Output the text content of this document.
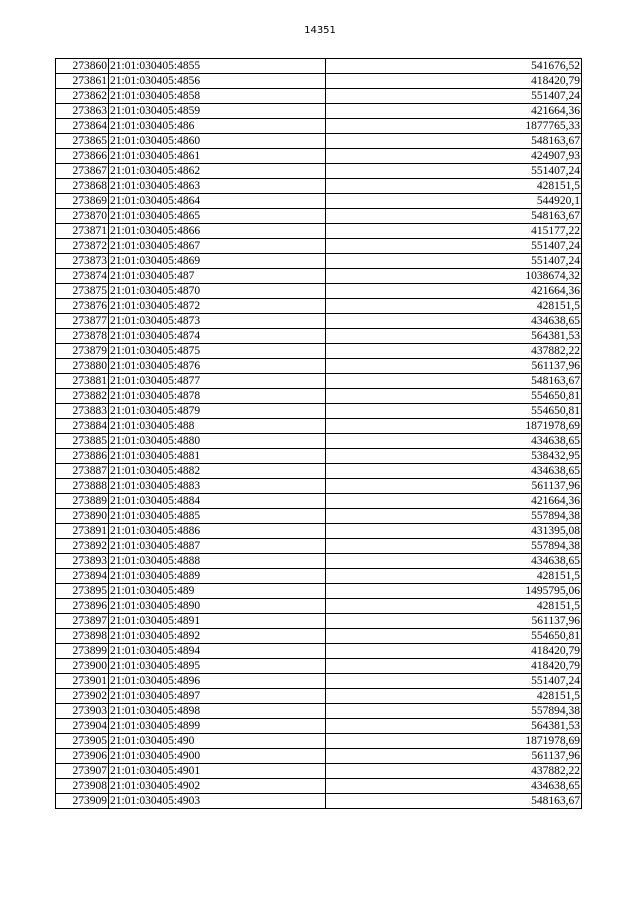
14351
273860	21:01:030405:4855	541676,52
273861	21:01:030405:4856	418420,79
273862	21:01:030405:4858	551407,24
273863	21:01:030405:4859	421664,36
273864	21:01:030405:486	1877765,33
273865	21:01:030405:4860	548163,67
273866	21:01:030405:4861	424907,93
273867	21:01:030405:4862	551407,24
273868	21:01:030405:4863	428151,5
273869	21:01:030405:4864	544920,1
273870	21:01:030405:4865	548163,67
273871	21:01:030405:4866	415177,22
273872	21:01:030405:4867	551407,24
273873	21:01:030405:4869	551407,24
273874	21:01:030405:487	1038674,32
273875	21:01:030405:4870	421664,36
273876	21:01:030405:4872	428151,5
273877	21:01:030405:4873	434638,65
273878	21:01:030405:4874	564381,53
273879	21:01:030405:4875	437882,22
273880	21:01:030405:4876	561137,96
273881	21:01:030405:4877	548163,67
273882	21:01:030405:4878	554650,81
273883	21:01:030405:4879	554650,81
273884	21:01:030405:488	1871978,69
273885	21:01:030405:4880	434638,65
273886	21:01:030405:4881	538432,95
273887	21:01:030405:4882	434638,65
273888	21:01:030405:4883	561137,96
273889	21:01:030405:4884	421664,36
273890	21:01:030405:4885	557894,38
273891	21:01:030405:4886	431395,08
273892	21:01:030405:4887	557894,38
273893	21:01:030405:4888	434638,65
273894	21:01:030405:4889	428151,5
273895	21:01:030405:489	1495795,06
273896	21:01:030405:4890	428151,5
273897	21:01:030405:4891	561137,96
273898	21:01:030405:4892	554650,81
273899	21:01:030405:4894	418420,79
273900	21:01:030405:4895	418420,79
273901	21:01:030405:4896	551407,24
273902	21:01:030405:4897	428151,5
273903	21:01:030405:4898	557894,38
273904	21:01:030405:4899	564381,53
273905	21:01:030405:490	1871978,69
273906	21:01:030405:4900	561137,96
273907	21:01:030405:4901	437882,22
273908	21:01:030405:4902	434638,65
273909	21:01:030405:4903	548163,67
